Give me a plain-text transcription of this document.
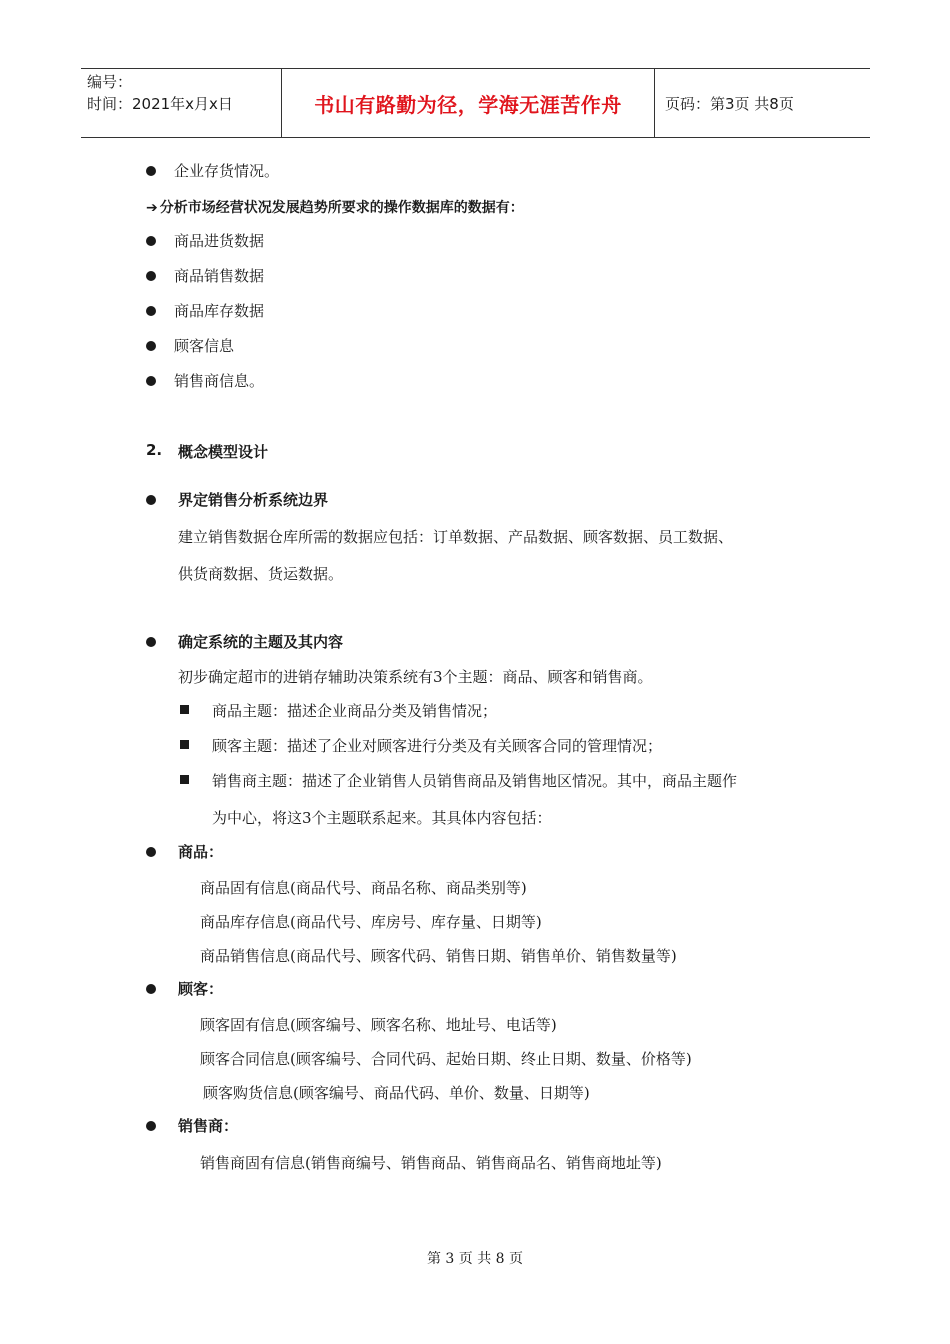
编号：
时间：2021年x月x日	书山有路勤为径，学海无涯苦作舟	页码：第3页 共8页
企业存货情况。
➔ 分析市场经营状况发展趋势所要求的操作数据库的数据有：
商品进货数据
商品销售数据
商品库存数据
顾客信息
销售商信息。
2. 概念模型设计
界定销售分析系统边界
建立销售数据仓库所需的数据应包括：订单数据、产品数据、顾客数据、员工数据、
供货商数据、货运数据。
确定系统的主题及其内容
初步确定超市的进销存辅助决策系统有3个主题：商品、顾客和销售商。
商品主题：描述企业商品分类及销售情况；
顾客主题：描述了企业对顾客进行分类及有关顾客合同的管理情况；
销售商主题：描述了企业销售人员销售商品及销售地区情况。其中，商品主题作
为中心，将这3个主题联系起来。其具体内容包括：
商品：
商品固有信息(商品代号、商品名称、商品类别等)
商品库存信息(商品代号、库房号、库存量、日期等)
商品销售信息(商品代号、顾客代码、销售日期、销售单价、销售数量等)
顾客：
顾客固有信息(顾客编号、顾客名称、地址号、电话等)
顾客合同信息(顾客编号、合同代码、起始日期、终止日期、数量、价格等)
顾客购货信息(顾客编号、商品代码、单价、数量、日期等)
销售商：
销售商固有信息(销售商编号、销售商品、销售商品名、销售商地址等)
第 3 页 共 8 页
